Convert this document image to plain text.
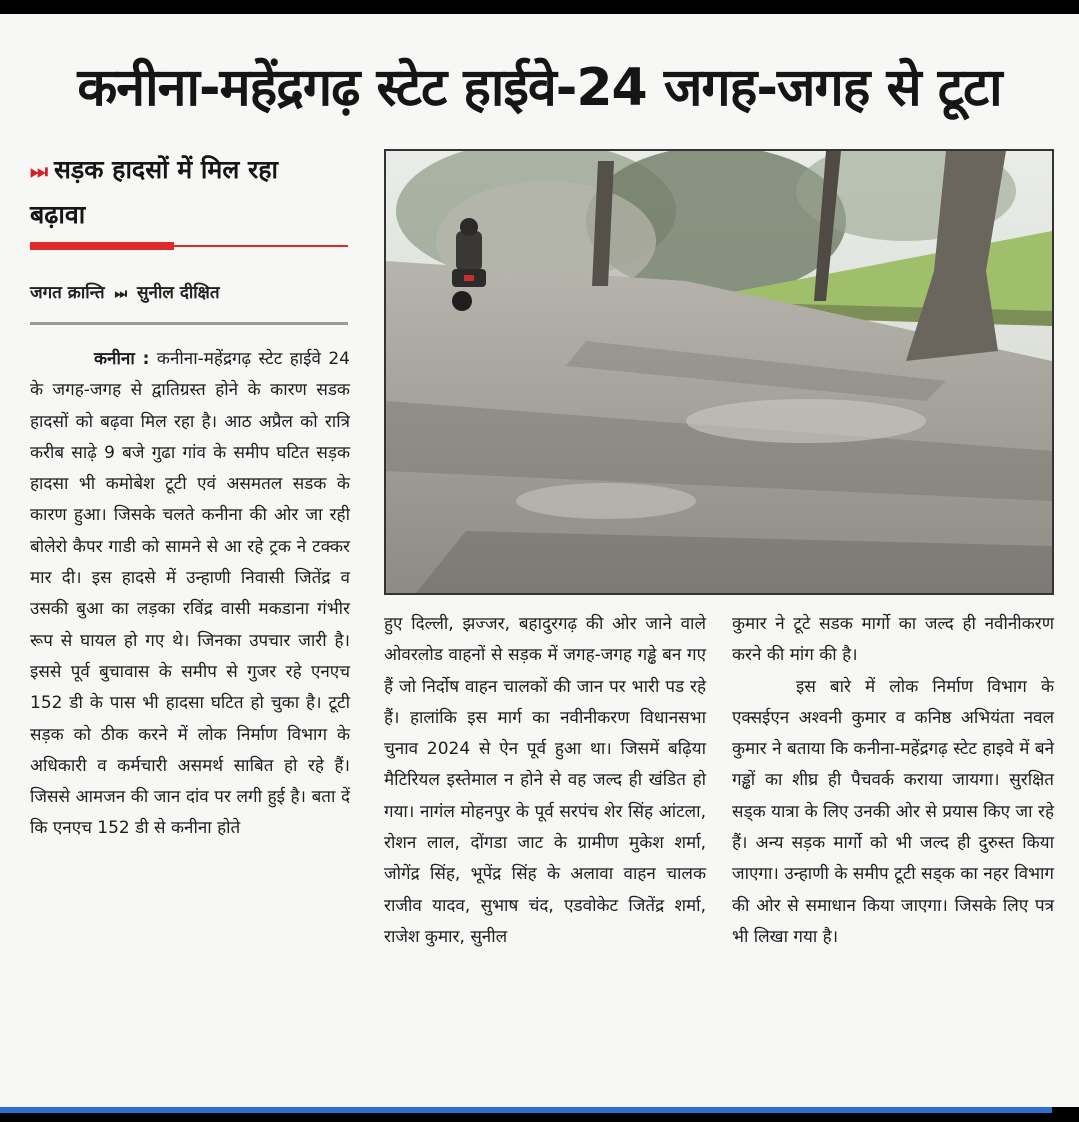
कनीना-महेंद्रगढ़ स्टेट हाईवे-24 जगह-जगह से टूटा
⏭ सड़क हादसों में मिल रहा
बढ़ावा
जगत क्रान्ति ⏭ सुनील दीक्षित

कनीना : कनीना-महेंद्रगढ़ स्टेट हाईवे 24 के जगह-जगह से द्वातिग्रस्त होने के कारण सडक हादसों को बढ़वा मिल रहा है। आठ अप्रैल को रात्रि करीब साढ़े 9 बजे गुढा गांव के समीप घटित सड़क हादसा भी कमोबेश टूटी एवं असमतल सडक के कारण हुआ। जिसके चलते कनीना की ओर जा रही बोलेरो कैपर गाडी को सामने से आ रहे ट्रक ने टक्कर मार दी। इस हादसे में उन्हाणी निवासी जितेंद्र व उसकी बुआ का लड़का रविंद्र वासी मकडाना गंभीर रूप से घायल हो गए थे। जिनका उपचार जारी है। इससे पूर्व बुचावास के समीप से गुजर रहे एनएच 152 डी के पास भी हादसा घटित हो चुका है। टूटी सड़क को ठीक करने में लोक निर्माण विभाग के अधिकारी व कर्मचारी असमर्थ साबित हो रहे हैं। जिससे आमजन की जान दांव पर लगी हुई है। बता दें कि एनएच 152 डी से कनीना होते

हुए दिल्ली, झज्जर, बहादुरगढ़ की ओर जाने वाले ओवरलोड वाहनों से सड़क में जगह-जगह गड्ढे बन गए हैं जो निर्दोष वाहन चालकों की जान पर भारी पड रहे हैं। हालांकि इस मार्ग का नवीनीकरण विधानसभा चुनाव 2024 से ऐन पूर्व हुआ था। जिसमें बढ़िया मैटिरियल इस्तेमाल न होने से वह जल्द ही खंडित हो गया। नागंल मोहनपुर के पूर्व सरपंच शेर सिंह आंटला, रोशन लाल, दोंगडा जाट के ग्रामीण मुकेश शर्मा, जोगेंद्र सिंह, भूपेंद्र सिंह के अलावा वाहन चालक राजीव यादव, सुभाष चंद, एडवोकेट जितेंद्र शर्मा, राजेश कुमार, सुनील

कुमार ने टूटे सडक मार्गो का जल्द ही नवीनीकरण करने की मांग की है।

इस बारे में लोक निर्माण विभाग के एक्सईएन अश्वनी कुमार व कनिष्ठ अभियंता नवल कुमार ने बताया कि कनीना-महेंद्रगढ़ स्टेट हाइवे में बने गड्ढों का शीघ्र ही पैचवर्क कराया जायगा। सुरक्षित सड्क यात्रा के लिए उनकी ओर से प्रयास किए जा रहे हैं। अन्य सड़क मार्गो को भी जल्द ही दुरुस्त किया जाएगा। उन्हाणी के समीप टूटी सड्क का नहर विभाग की ओर से समाधान किया जाएगा। जिसके लिए पत्र भी लिखा गया है।
